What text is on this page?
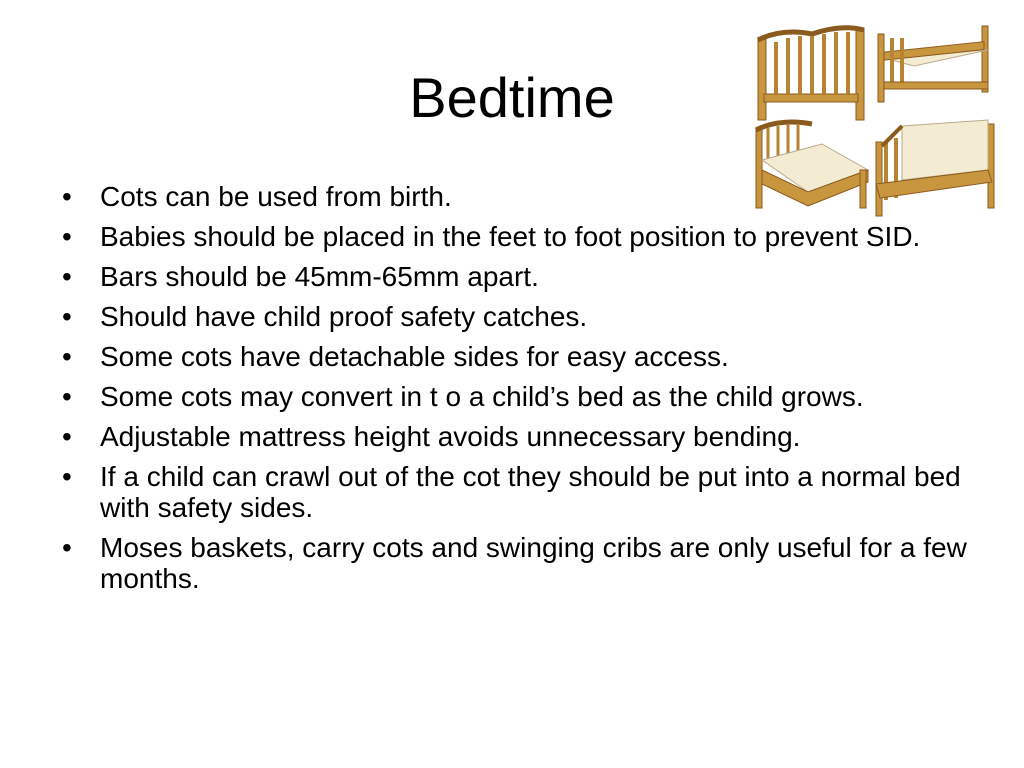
Bedtime
• Cots can be used from birth.
• Babies should be placed in the feet to foot position to prevent SID.
• Bars should be 45mm-65mm apart.
• Should have child proof safety catches.
• Some cots have detachable sides for easy access.
• Some cots may convert in t o a child’s bed as the child grows.
• Adjustable mattress height avoids unnecessary bending.
• If a child can crawl out of the cot they should be put into a normal bed with safety sides.
• Moses baskets, carry cots and swinging cribs are only useful for a few months.
